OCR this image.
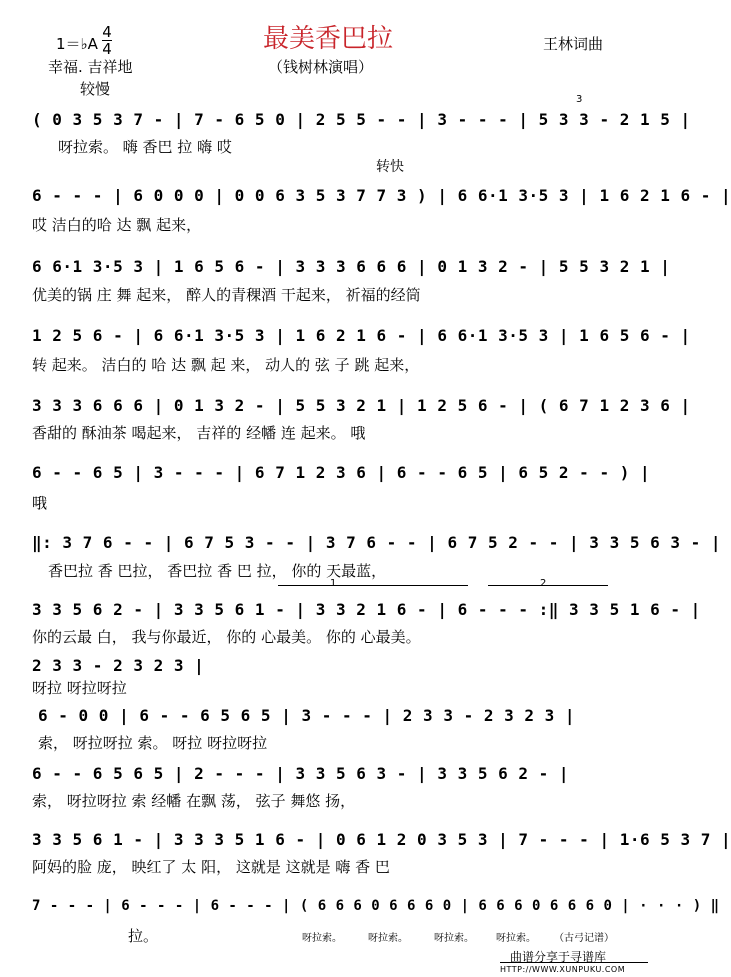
最美香巴拉
1＝♭A
4
4	王林词曲
（钱树林演唱）
幸福. 吉祥地
较慢
3
( 0 3 5 3 7 - | 7 - 6 5 0 | 2 5 5 - - | 3 - - - | 5 3 3 - 2 1 5 |
呀拉索。 嗨 香巴 拉 嗨 哎
转快
6 - - - | 6 0 0 0 | 0 0 6 3 5 3 7 7 3 ) | 6 6·1 3·5 3 | 1 6 2 1 6 - |
哎 洁白的哈 达 飘 起来，
6 6·1 3·5 3 | 1 6 5 6 - | 3 3 3 6 6 6 | 0 1 3 2 - | 5 5 3 2 1 |
优美的锅 庄 舞 起来， 醉人的青稞酒 干起来， 祈福的经筒
1 2 5 6 - | 6 6·1 3·5 3 | 1 6 2 1 6 - | 6 6·1 3·5 3 | 1 6 5 6 - |
转 起来。 洁白的 哈 达 飘 起 来， 动人的 弦 子 跳 起来，
3 3 3 6 6 6 | 0 1 3 2 - | 5 5 3 2 1 | 1 2 5 6 - | ( 6 7 1 2 3 6 |
香甜的 酥油茶 喝起来， 吉祥的 经幡 连 起来。 哦
6 - - 6 5 | 3 - - - | 6 7 1 2 3 6 | 6 - - 6 5 | 6 5 2 - - ) |
哦
‖: 3 7 6 - - | 6 7 5 3 - - | 3 7 6 - - | 6 7 5 2 - - | 3 3 5 6 3 - |
香巴拉 香 巴拉， 香巴拉 香 巴 拉， 你的 天最蓝，
1	2
3 3 5 6 2 - | 3 3 5 6 1 - | 3 3 2 1 6 - | 6 - - - :‖ 3 3 5 1 6 - |
你的云最 白， 我与你最近， 你的 心最美。 你的 心最美。
2 3 3 - 2 3 2 3 |
呀拉 呀拉呀拉
6 - 0 0 | 6 - - 6 5 6 5 | 3 - - - | 2 3 3 - 2 3 2 3 |
索， 呀拉呀拉 索。 呀拉 呀拉呀拉
6 - - 6 5 6 5 | 2 - - - | 3 3 5 6 3 - | 3 3 5 6 2 - |
索， 呀拉呀拉 索 经幡 在飘 荡， 弦子 舞悠 扬，
3 3 5 6 1 - | 3 3 3 5 1 6 - | 0 6 1 2 0 3 5 3 | 7 - - - | 1·6 5 3 7 |
阿妈的脸 庞， 映红了 太 阳， 这就是 这就是 嗨 香 巴
7 - - - | 6 - - - | 6 - - - | ( 6 6 6 0 6 6 6 0 | 6 6 6 0 6 6 6 0 | · · · ) ‖
拉。	呀拉索。	呀拉索。	呀拉索。 呀拉索。 （古弓记谱）
曲谱分享于寻谱库
HTTP://WWW.XUNPUKU.COM
